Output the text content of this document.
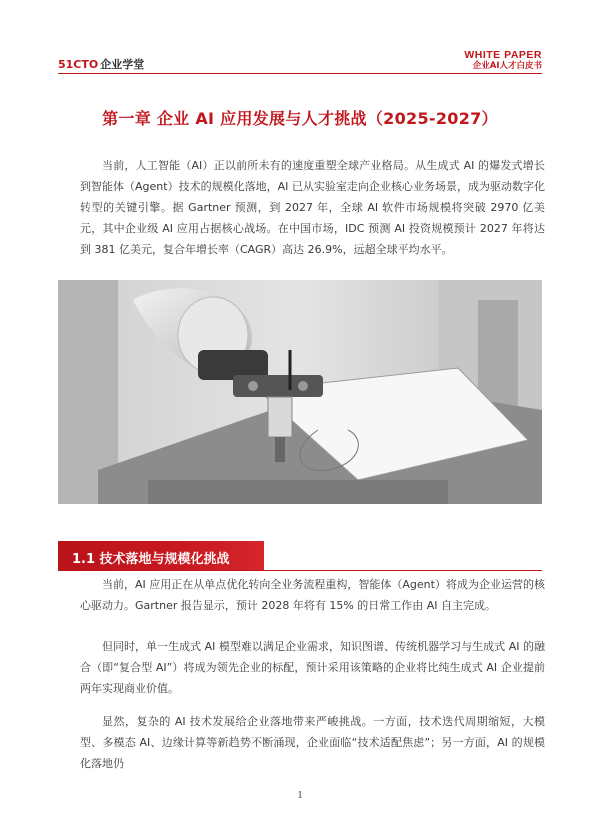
51CTO 企业学堂
WHITE PAPER
企业AI人才白皮书
第一章 企业 AI 应用发展与人才挑战（2025-2027）

当前，人工智能（AI）正以前所未有的速度重塑全球产业格局。从生成式 AI 的爆发式增长到智能体（Agent）技术的规模化落地，AI 已从实验室走向企业核心业务场景，成为驱动数字化转型的关键引擎。据 Gartner 预测，到 2027 年，全球 AI 软件市场规模将突破 2970 亿美元，其中企业级 AI 应用占据核心战场。在中国市场，IDC 预测 AI 投资规模预计 2027 年将达到 381 亿美元，复合年增长率（CAGR）高达 26.9%，远超全球平均水平。

1.1 技术落地与规模化挑战

当前，AI 应用正在从单点优化转向全业务流程重构，智能体（Agent）将成为企业运营的核心驱动力。Gartner 报告显示，预计 2028 年将有 15% 的日常工作由 AI 自主完成。

但同时，单一生成式 AI 模型难以满足企业需求，知识图谱、传统机器学习与生成式 AI 的融合（即“复合型 AI”）将成为领先企业的标配，预计采用该策略的企业将比纯生成式 AI 企业提前两年实现商业价值。

显然，复杂的 AI 技术发展给企业落地带来严峻挑战。一方面，技术迭代周期缩短，大模型、多模态 AI、边缘计算等新趋势不断涌现，企业面临“技术适配焦虑”；另一方面，AI 的规模化落地仍

1
